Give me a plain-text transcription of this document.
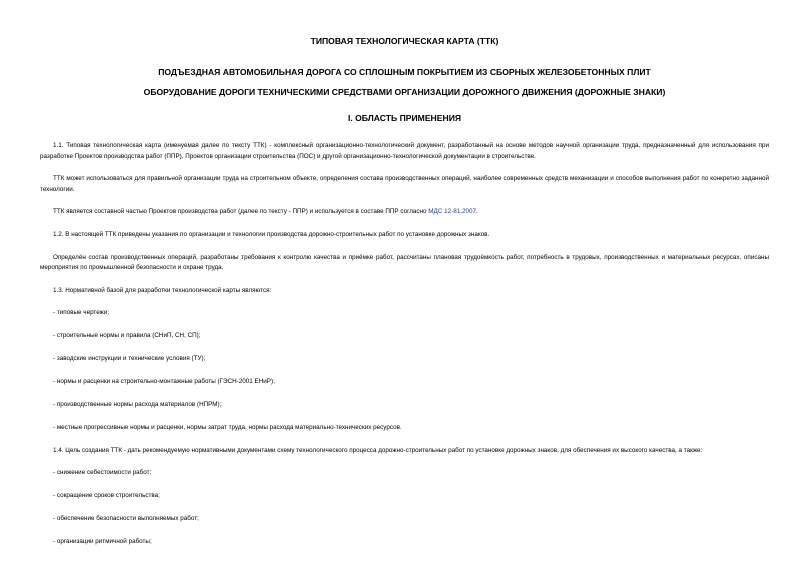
ТИПОВАЯ ТЕХНОЛОГИЧЕСКАЯ КАРТА (ТТК)
ПОДЪЕЗДНАЯ АВТОМОБИЛЬНАЯ ДОРОГА СО СПЛОШНЫМ ПОКРЫТИЕМ ИЗ СБОРНЫХ ЖЕЛЕЗОБЕТОННЫХ ПЛИТ
ОБОРУДОВАНИЕ ДОРОГИ ТЕХНИЧЕСКИМИ СРЕДСТВАМИ ОРГАНИЗАЦИИ ДОРОЖНОГО ДВИЖЕНИЯ (ДОРОЖНЫЕ ЗНАКИ)
I. ОБЛАСТЬ ПРИМЕНЕНИЯ

1.1. Типовая технологическая карта (именуемая далее по тексту ТТК) - комплексный организационно-технологический документ, разработанный на основе методов научной организации труда, предназначенный для использования при разработке Проектов производства работ (ППР), Проектов организации строительства (ПОС) и другой организационно-технологической документации в строительстве.

ТТК может использоваться для правильной организации труда на строительном объекте, определения состава производственных операций, наиболее современных средств механизации и способов выполнения работ по конкретно заданной технологии.

ТТК является составной частью Проектов производства работ (далее по тексту - ППР) и используется в составе ППР согласно МДС 12-81.2007.

1.2. В настоящей ТТК приведены указания по организации и технологии производства дорожно-строительных работ по установке дорожных знаков.

Определён состав производственных операций, разработаны требования к контролю качества и приёмке работ, рассчитаны плановая трудоёмкость работ, потребность в трудовых, производственных и материальных ресурсах, описаны мероприятия по промышленной безопасности и охране труда.

1.3. Нормативной базой для разработки технологической карты являются:

- типовые чертежи;

- строительные нормы и правила (СНиП, СН, СП);

- заводские инструкции и технические условия (ТУ);

- нормы и расценки на строительно-монтажные работы (ГЭСН-2001 ЕНиР);

- производственные нормы расхода материалов (НПРМ);

- местные прогрессивные нормы и расценки, нормы затрат труда, нормы расхода материально-технических ресурсов.

1.4. Цель создания ТТК - дать рекомендуемую нормативными документами схему технологического процесса дорожно-строительных работ по установке дорожных знаков, для обеспечения их высокого качества, а также:

- снижение себестоимости работ;

- сокращение сроков строительства;

- обеспечение безопасности выполняемых работ;

- организации ритмичной работы;
